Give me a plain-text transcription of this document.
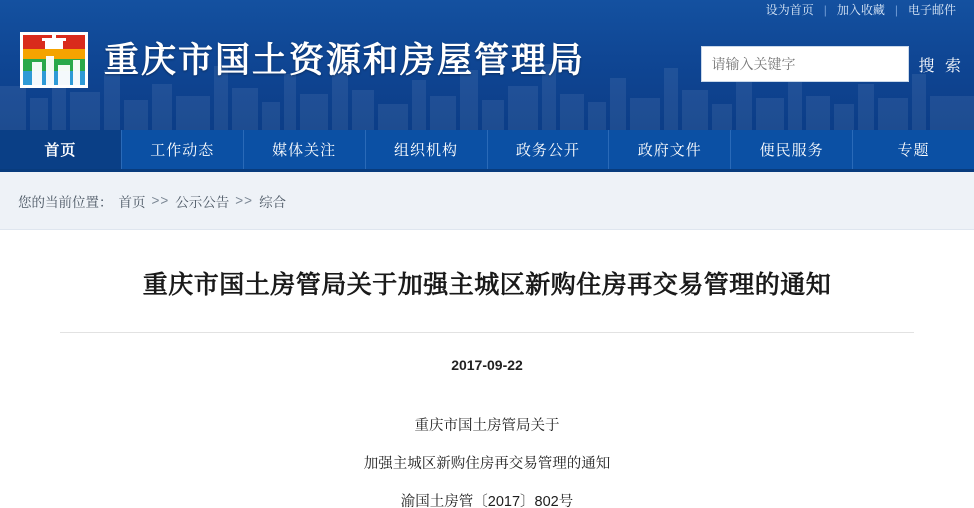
设为首页 | 加入收藏 | 电子邮件
重庆市国土资源和房屋管理局
请输入关键字	搜 索
首页	工作动态	媒体关注	组织机构	政务公开	政府文件	便民服务	专题
您的当前位置： 首页 >> 公示公告 >> 综合
重庆市国土房管局关于加强主城区新购住房再交易管理的通知
2017-09-22

重庆市国土房管局关于

加强主城区新购住房再交易管理的通知

渝国土房管〔2017〕802号
